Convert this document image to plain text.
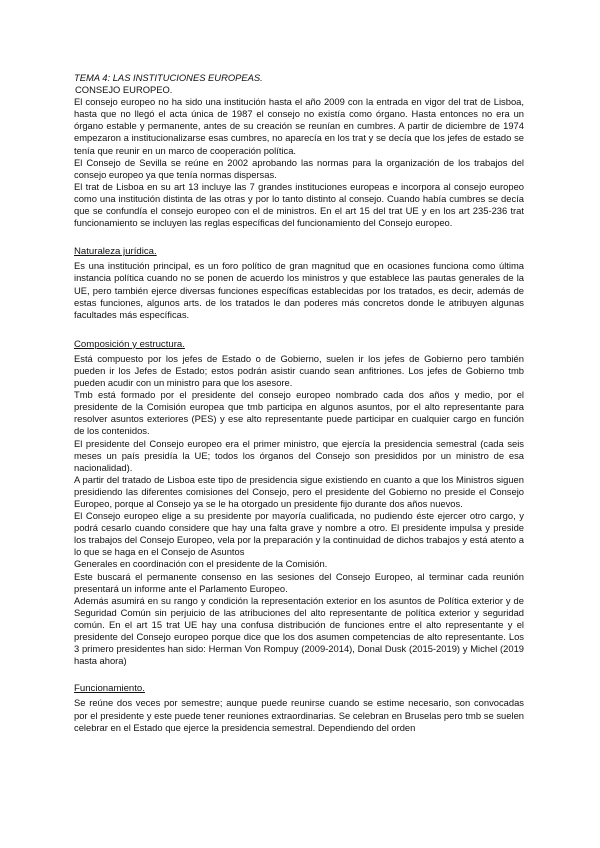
TEMA 4: LAS INSTITUCIONES EUROPEAS.

CONSEJO EUROPEO.

El consejo europeo no ha sido una institución hasta el año 2009 con la entrada en vigor del trat de Lisboa, hasta que no llegó el acta única de 1987 el consejo no existía como órgano. Hasta entonces no era un órgano estable y permanente, antes de su creación se reunían en cumbres. A partir de diciembre de 1974 empezaron a institucionalizarse esas cumbres, no aparecía en los trat y se decía que los jefes de estado se tenía que reunir en un marco de cooperación política.

El Consejo de Sevilla se reúne en 2002 aprobando las normas para la organización de los trabajos del consejo europeo ya que tenía normas dispersas.

El trat de Lisboa en su art 13 incluye las 7 grandes instituciones europeas e incorpora al consejo europeo como una institución distinta de las otras y por lo tanto distinto al consejo. Cuando había cumbres se decía que se confundía el consejo europeo con el de ministros. En el art 15 del trat UE y en los art 235-236 trat funcionamiento se incluyen las reglas específicas del funcionamiento del Consejo europeo.

Naturaleza jurídica.

Es una institución principal, es un foro político de gran magnitud que en ocasiones funciona como última instancia política cuando no se ponen de acuerdo los ministros y que establece las pautas generales de la UE, pero también ejerce diversas funciones específicas establecidas por los tratados, es decir, además de estas funciones, algunos arts. de los tratados le dan poderes más concretos donde le atribuyen algunas facultades más específicas.

Composición y estructura.

Está compuesto por los jefes de Estado o de Gobierno, suelen ir los jefes de Gobierno pero también pueden ir los Jefes de Estado; estos podrán asistir cuando sean anfitriones. Los jefes de Gobierno tmb pueden acudir con un ministro para que los asesore.

Tmb está formado por el presidente del consejo europeo nombrado cada dos años y medio, por el presidente de la Comisión europea que tmb participa en algunos asuntos, por el alto representante para resolver asuntos exteriores (PES) y ese alto representante puede participar en cualquier cargo en función de los contenidos.

El presidente del Consejo europeo era el primer ministro, que ejercía la presidencia semestral (cada seis meses un país presidía la UE; todos los órganos del Consejo son presididos por un ministro de esa nacionalidad).

A partir del tratado de Lisboa este tipo de presidencia sigue existiendo en cuanto a que los Ministros siguen presidiendo las diferentes comisiones del Consejo, pero el presidente del Gobierno no preside el Consejo Europeo, porque al Consejo ya se le ha otorgado un presidente fijo durante dos años nuevos.

El Consejo europeo elige a su presidente por mayoría cualificada, no pudiendo éste ejercer otro cargo, y podrá cesarlo cuando considere que hay una falta grave y nombre a otro. El presidente impulsa y preside los trabajos del Consejo Europeo, vela por la preparación y la continuidad de dichos trabajos y está atento a lo que se haga en el Consejo de Asuntos

Generales en coordinación con el presidente de la Comisión.

Este buscará el permanente consenso en las sesiones del Consejo Europeo, al terminar cada reunión presentará un informe ante el Parlamento Europeo.

Además asumirá en su rango y condición la representación exterior en los asuntos de Política exterior y de Seguridad Común sin perjuicio de las atribuciones del alto representante de política exterior y seguridad común. En el art 15 trat UE hay una confusa distribución de funciones entre el alto representante y el presidente del Consejo europeo porque dice que los dos asumen competencias de alto representante. Los 3 primero presidentes han sido: Herman Von Rompuy (2009-2014), Donal Dusk (2015-2019) y Michel (2019 hasta ahora)

Funcionamiento.

Se reúne dos veces por semestre; aunque puede reunirse cuando se estime necesario, son convocadas por el presidente y este puede tener reuniones extraordinarias. Se celebran en Bruselas pero tmb se suelen celebrar en el Estado que ejerce la presidencia semestral. Dependiendo del orden
